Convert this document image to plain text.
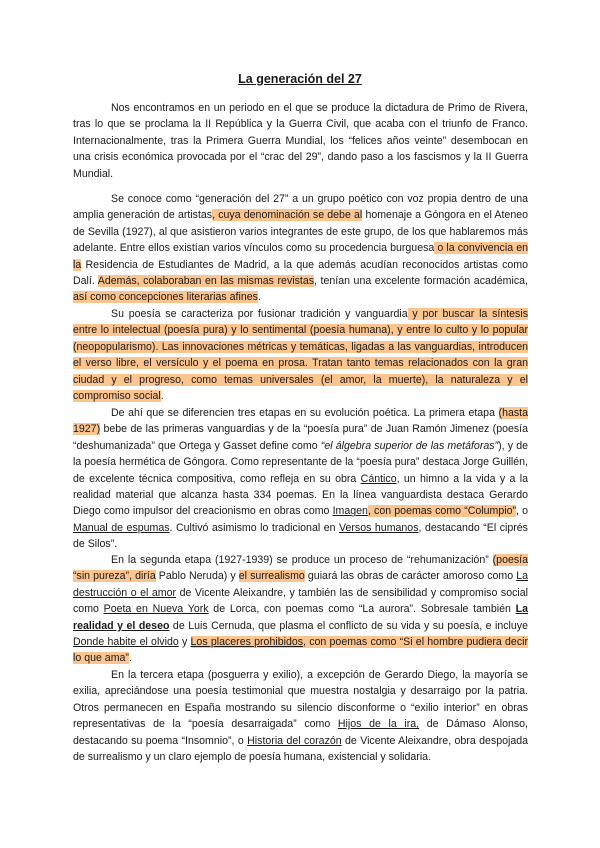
La generación del 27
Nos encontramos en un periodo en el que se produce la dictadura de Primo de Rivera, tras lo que se proclama la II República y la Guerra Civil, que acaba con el triunfo de Franco. Internacionalmente, tras la Primera Guerra Mundial, los “felices años veinte” desembocan en una crisis económica provocada por el “crac del 29”, dando paso a los fascismos y la II Guerra Mundial.
Se conoce como “generación del 27” a un grupo poético con voz propia dentro de una amplia generación de artistas, cuya denominación se debe al homenaje a Góngora en el Ateneo de Sevilla (1927), al que asistieron varios integrantes de este grupo, de los que hablaremos más adelante. Entre ellos existían varios vínculos como su procedencia burguesa o la convivencia en la Residencia de Estudiantes de Madrid, a la que además acudían reconocidos artistas como Dalí. Además, colaboraban en las mismas revistas, tenían una excelente formación académica, así como concepciones literarias afines.
Su poesía se caracteriza por fusionar tradición y vanguardia y por buscar la síntesis entre lo intelectual (poesía pura) y lo sentimental (poesía humana), y entre lo culto y lo popular (neopopularismo). Las innovaciones métricas y temáticas, ligadas a las vanguardias, introducen el verso libre, el versículo y el poema en prosa. Tratan tanto temas relacionados con la gran ciudad y el progreso, como temas universales (el amor, la muerte), la naturaleza y el compromiso social.
De ahí que se diferencien tres etapas en su evolución poética. La primera etapa (hasta 1927) bebe de las primeras vanguardias y de la “poesía pura” de Juan Ramón Jimenez (poesía “deshumanizada” que Ortega y Gasset define como “el álgebra superior de las metáforas”), y de la poesía hermética de Góngora. Como representante de la “poesía pura” destaca Jorge Guillén, de excelente técnica compositiva, como refleja en su obra Cántico, un himno a la vida y a la realidad material que alcanza hasta 334 poemas. En la línea vanguardista destaca Gerardo Diego como impulsor del creacionismo en obras como Imagen, con poemas como “Columpio”, o Manual de espumas. Cultivó asimismo lo tradicional en Versos humanos, destacando “El ciprés de Silos”.
En la segunda etapa (1927-1939) se produce un proceso de “rehumanización” (poesía “sin pureza”, diría Pablo Neruda) y el surrealismo guiará las obras de carácter amoroso como La destrucción o el amor de Vicente Aleixandre, y también las de sensibilidad y compromiso social como Poeta en Nueva York de Lorca, con poemas como “La aurora”. Sobresale también La realidad y el deseo de Luis Cernuda, que plasma el conflicto de su vida y su poesía, e incluye Donde habite el olvido y Los placeres prohibidos, con poemas como “Si el hombre pudiera decir lo que ama”.
En la tercera etapa (posguerra y exilio), a excepción de Gerardo Diego, la mayoría se exilia, apreciándose una poesía testimonial que muestra nostalgia y desarraigo por la patria. Otros permanecen en España mostrando su silencio disconforme o “exilio interior” en obras representativas de la “poesía desarraigada” como Hijos de la ira, de Dámaso Alonso, destacando su poema “Insomnio”, o Historia del corazón de Vicente Aleixandre, obra despojada de surrealismo y un claro ejemplo de poesía humana, existencial y solidaria.
